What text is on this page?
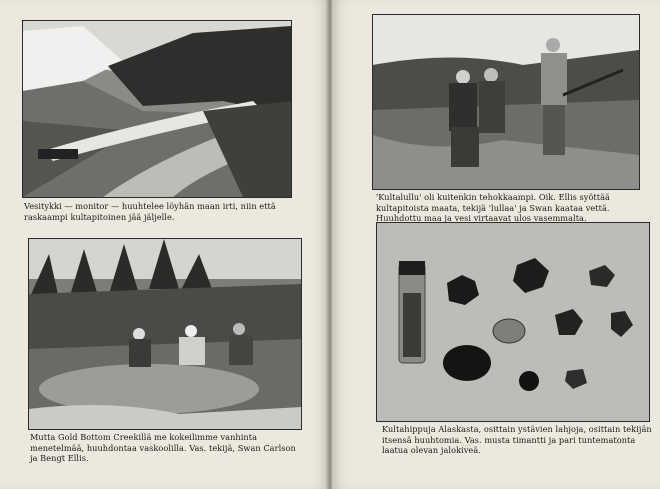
Vesitykki — monitor — huuhtelee löyhän maan irti, niin että raskaampi kultapitoinen jää jäljelle.
Mutta Gold Bottom Creekillä me kokeilimme vanhinta menetelmää, huuhdontaa vaskoolilla. Vas. tekijä, Swan Carlson ja Bengt Ellis.
'Kultalullu' oli kuitenkin tehokkaampi. Oik. Ellis syöttää kultapitoista maata, tekijä 'lullaa' ja Swan kaataa vettä. Huuhdottu maa ja vesi virtaavat ulos vasemmalta.
Kultahippuja Alaskasta, osittain ystävien lahjoja, osittain tekijän itsensä huuhtomia. Vas. musta timantti ja pari tuntematonta laatua olevan jalokiveä.
